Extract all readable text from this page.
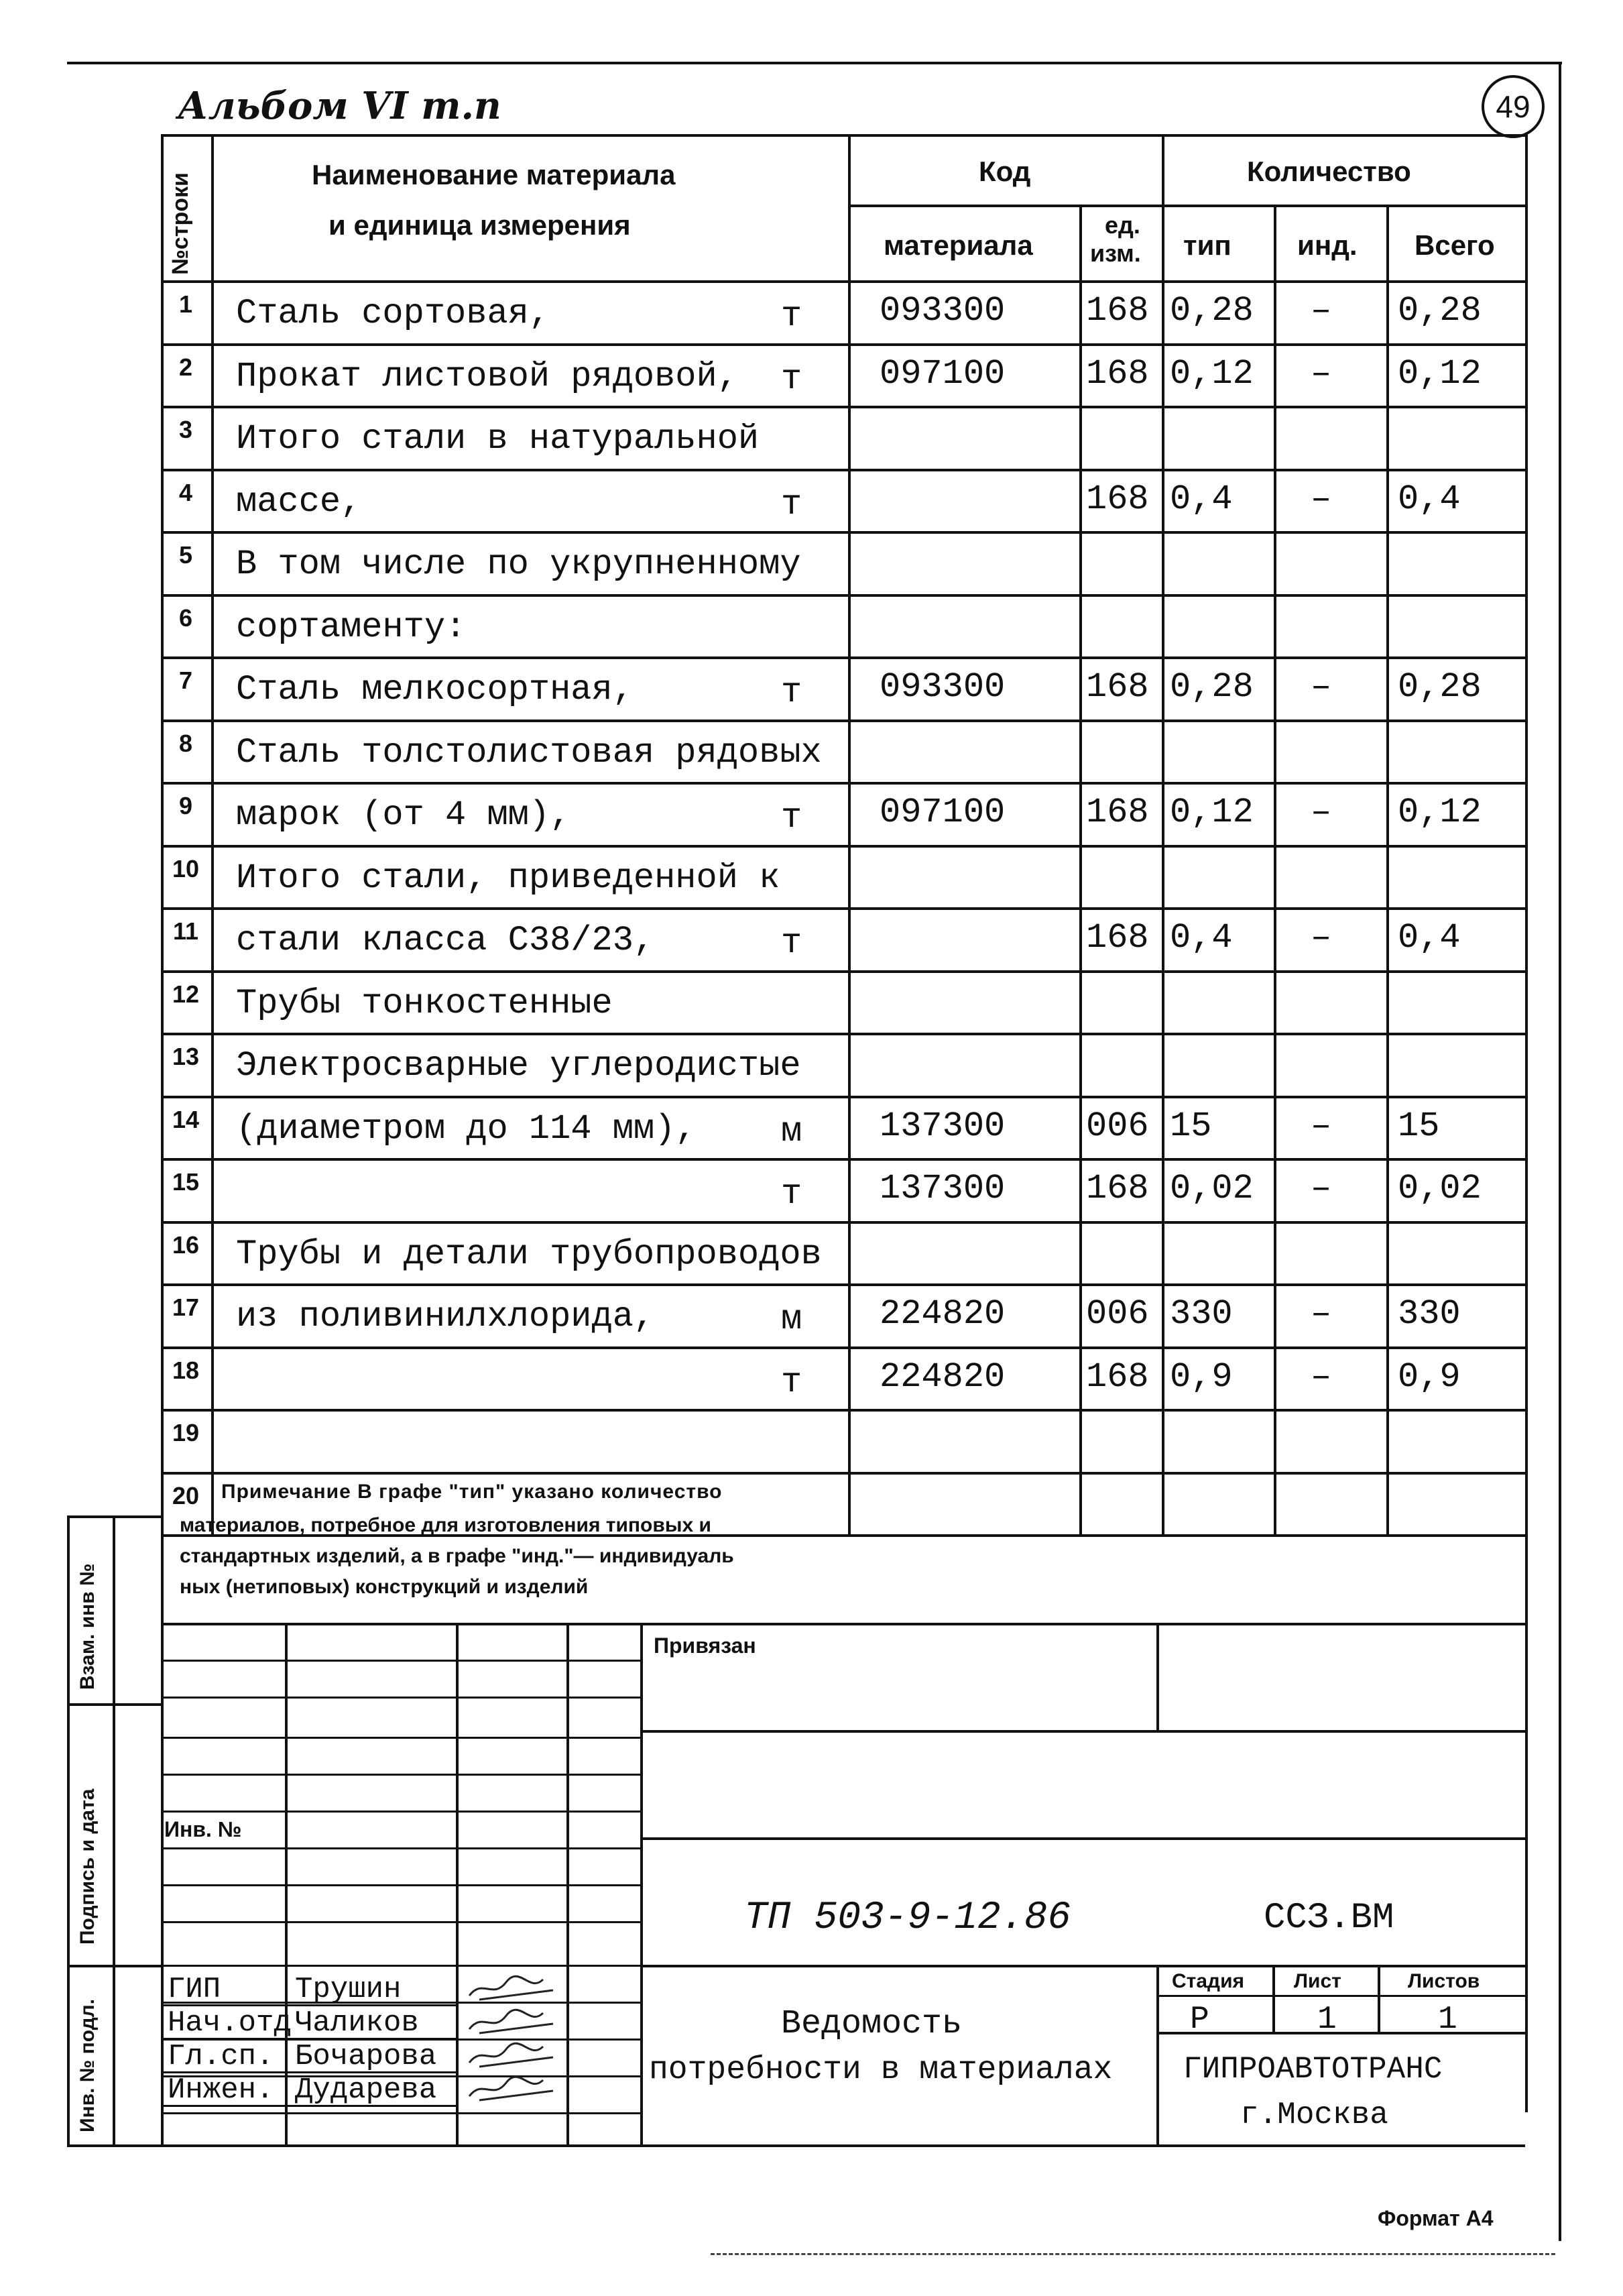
Альбом VI т.п	49
№строки	Наименование материала
и единица измерения
Код	Количество
материала
ед.
изм. тип инд. Всего
1	Сталь сортовая,	т 093300 168 0,28 – 0,28
2	Прокат листовой рядовой, т 097100 168 0,12 – 0,12
3	Итого стали в натуральной
4	массе,	т	168 0,4 – 0,4
5	В том числе по укрупненному
6	сортаменту:
7	Сталь мелкосортная,	т 093300 168 0,28 – 0,28
8	Сталь толстолистовая рядовых
9	марок (от 4 мм),	т 097100 168 0,12 – 0,12
10 Итого стали, приведенной к
11	стали класса С38/23,	т	168 0,4 – 0,4
12 Трубы тонкостенные
13 Электросварные углеродистые
14 (диаметром до 114 мм), м 137300 006 15	– 15
15	т 137300 168 0,02 – 0,02
16 Трубы и детали трубопроводов
17 из поливинилхлорида,	м 224820 006 330 – 330
18	т 224820 168 0,9 – 0,9
19
20	Примечание В графе "тип" указано количество
материалов, потребное для изготовления типовых и
стандартных изделий, а в графе "инд."— индивидуаль
ных (нетиповых) конструкций и изделий
Взам. инв №
Подпись и дата
Инв. № подл.
ГИП	Трушин
Нач.отд Чаликов
Гл.сп. Бочарова
Инжен. Дударева
Привязан
Инв. №
ТП 503-9-12.86	ССЗ.ВМ
Ведомость
потребности в материалах
Стадия Лист	Листов
Р	1	1
ГИПРОАВТОТРАНС
г.Москва
Формат А4
